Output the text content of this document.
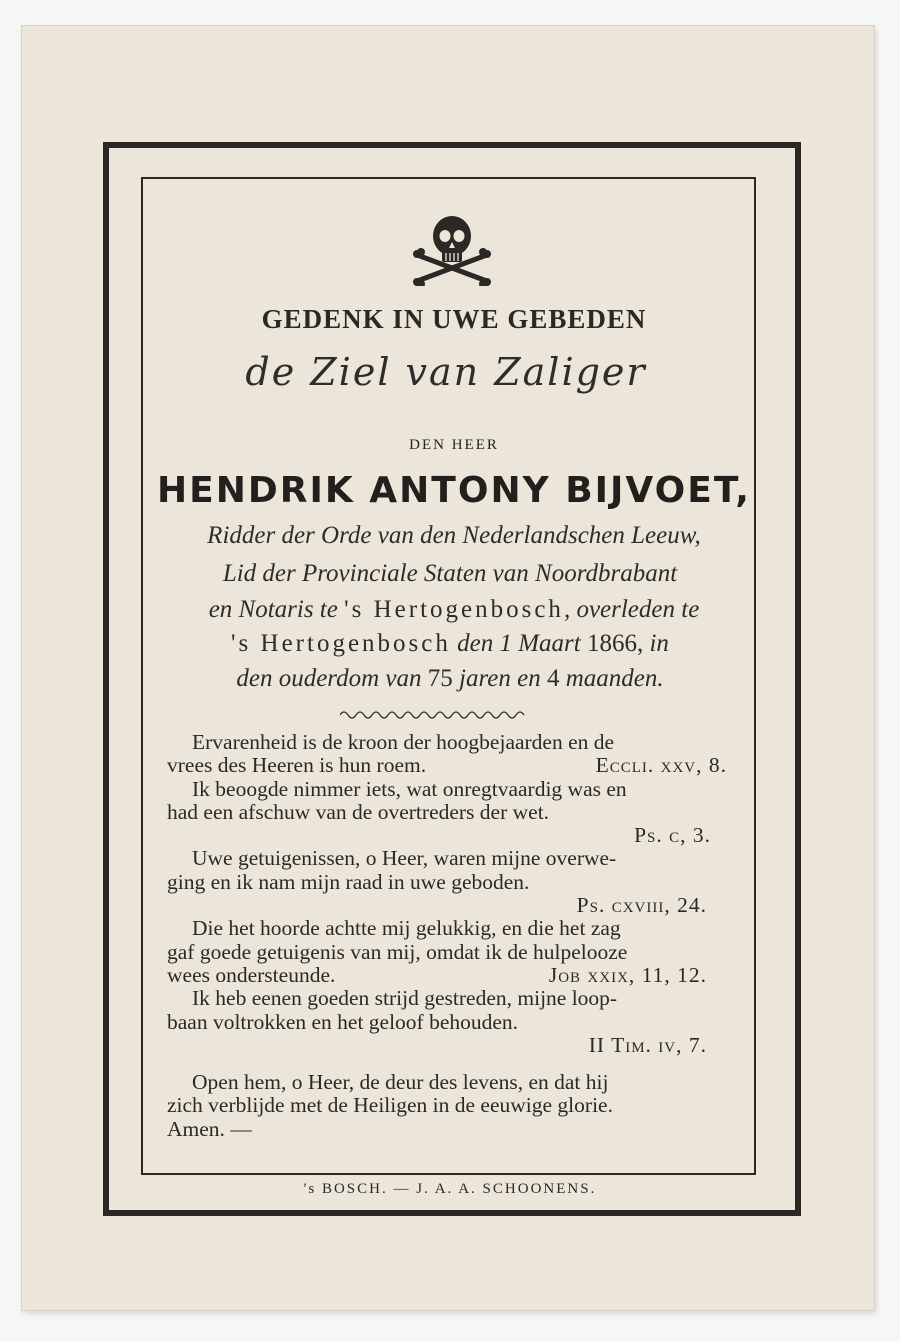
GEDENK IN UWE GEBEDEN
de Ziel van Zaliger
DEN HEER
HENDRIK ANTONY BIJVOET,
Ridder der Orde van den Nederlandschen Leeuw,
Lid der Provinciale Staten van Noordbrabant
en Notaris te 's Hertogenbosch, overleden te
's Hertogenbosch den 1 Maart 1866, in
den ouderdom van 75 jaren en 4 maanden.

Ervarenheid is de kroon der hoogbejaarden en de

vrees des Heeren is hun roem.	Eccli. xxv, 8.

Ik beoogde nimmer iets, wat onregtvaardig was en

had een afschuw van de overtreders der wet.

Ps. c, 3.

Uwe getuigenissen, o Heer, waren mijne overwe-

ging en ik nam mijn raad in uwe geboden.

Ps. cxviii, 24.

Die het hoorde achtte mij gelukkig, en die het zag

gaf goede getuigenis van mij, omdat ik de hulpelooze

wees ondersteunde.	Job xxix, 11, 12.

Ik heb eenen goeden strijd gestreden, mijne loop-

baan voltrokken en het geloof behouden.

II Tim. iv, 7.

Open hem, o Heer, de deur des levens, en dat hij

zich verblijde met de Heiligen in de eeuwige glorie.

Amen. —

's BOSCH. — J. A. A. SCHOONENS.
